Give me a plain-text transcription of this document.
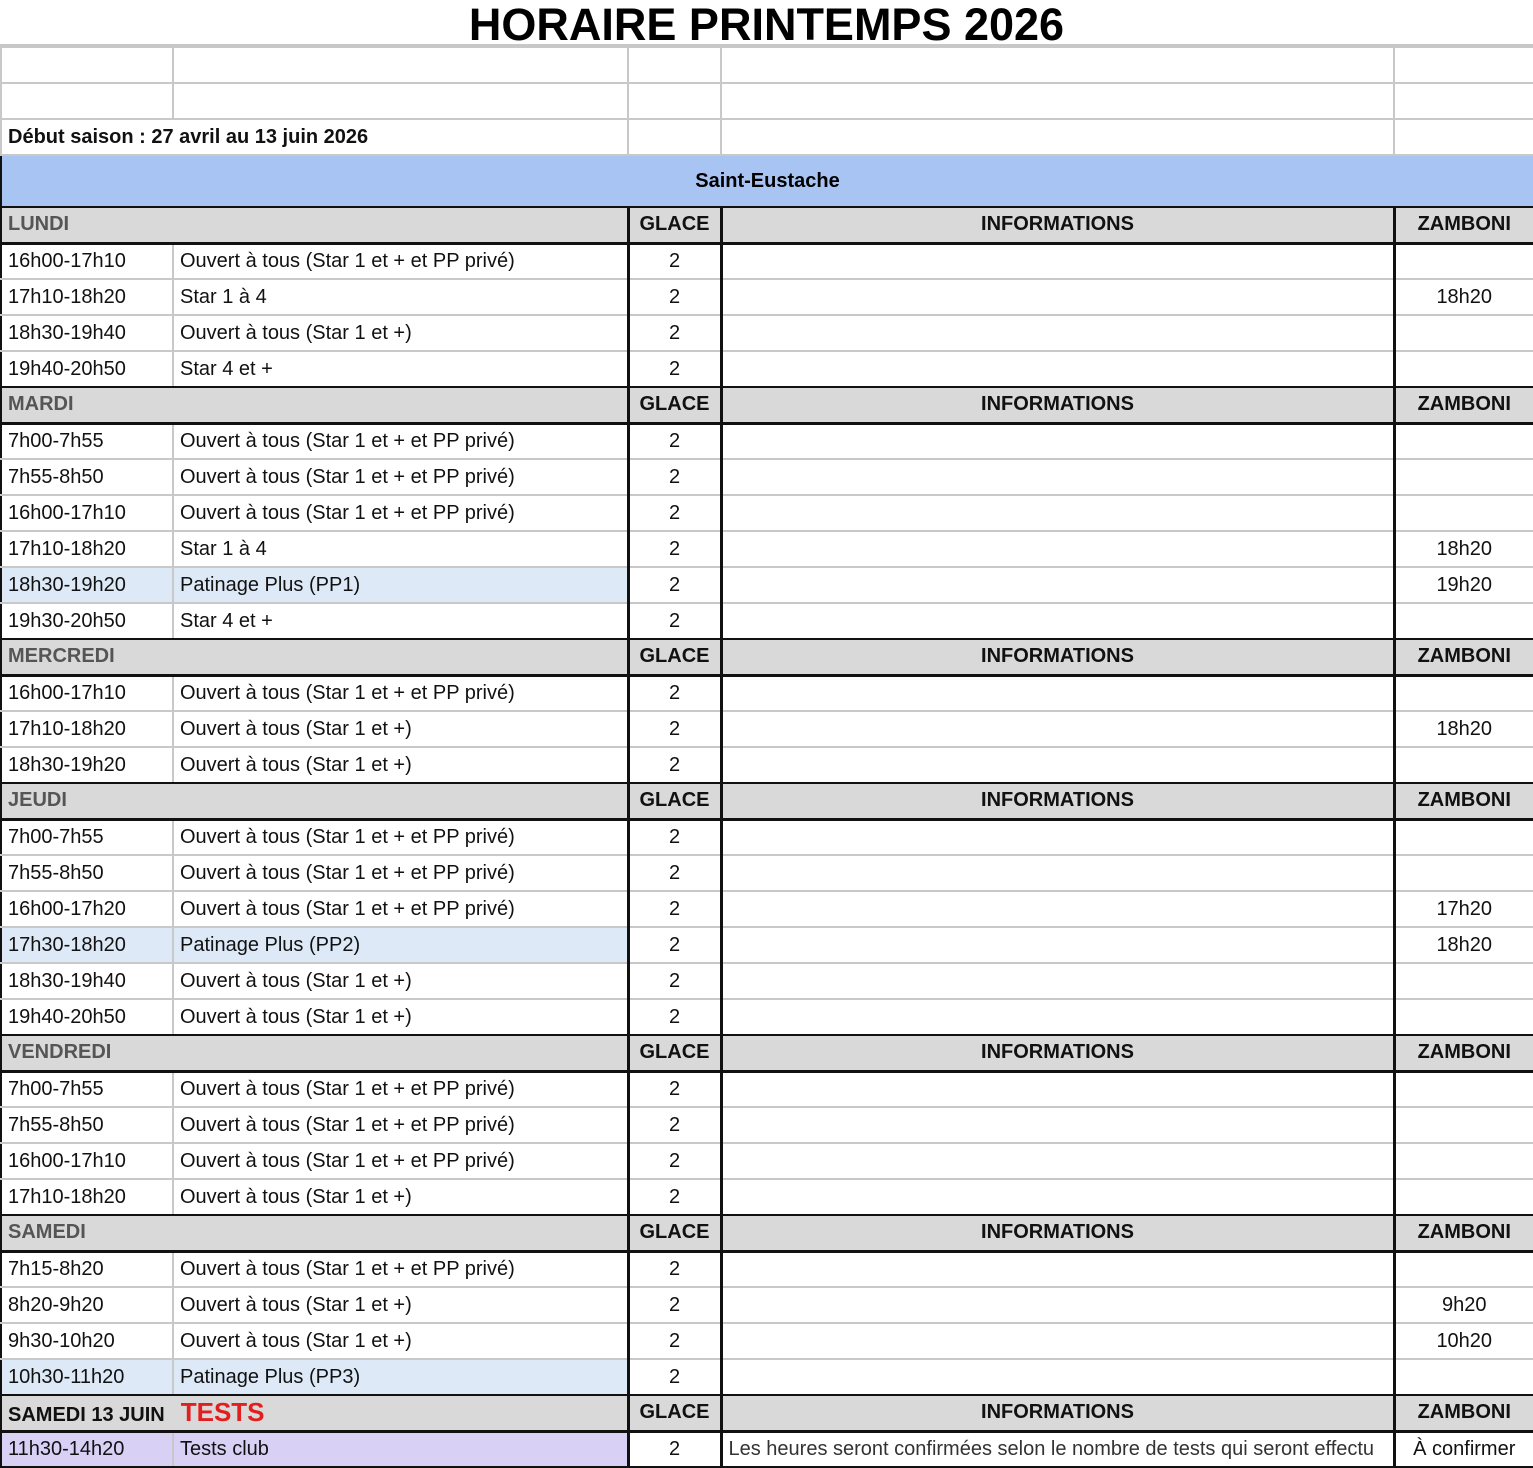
HORAIRE PRINTEMPS 2026

Début saison : 27 avril au 13 juin 2026				
Saint-Eustache				
LUNDI		GLACE	INFORMATIONS	ZAMBONI
16h00-17h10	Ouvert à tous (Star 1 et + et PP privé)	2		
17h10-18h20	Star 1 à 4	2		18h20
18h30-19h40	Ouvert à tous (Star 1 et +)	2		
19h40-20h50	Star 4 et +	2		
MARDI		GLACE	INFORMATIONS	ZAMBONI
7h00-7h55	Ouvert à tous (Star 1 et + et PP privé)	2		
7h55-8h50	Ouvert à tous (Star 1 et + et PP privé)	2		
16h00-17h10	Ouvert à tous (Star 1 et + et PP privé)	2		
17h10-18h20	Star 1 à 4	2		18h20
18h30-19h20	Patinage Plus (PP1)	2		19h20
19h30-20h50	Star 4 et +	2		
MERCREDI		GLACE	INFORMATIONS	ZAMBONI
16h00-17h10	Ouvert à tous (Star 1 et + et PP privé)	2		
17h10-18h20	Ouvert à tous (Star 1 et +)	2		18h20
18h30-19h20	Ouvert à tous (Star 1 et +)	2		
JEUDI		GLACE	INFORMATIONS	ZAMBONI
7h00-7h55	Ouvert à tous (Star 1 et + et PP privé)	2		
7h55-8h50	Ouvert à tous (Star 1 et + et PP privé)	2		
16h00-17h20	Ouvert à tous (Star 1 et + et PP privé)	2		17h20
17h30-18h20	Patinage Plus (PP2)	2		18h20
18h30-19h40	Ouvert à tous (Star 1 et +)	2		
19h40-20h50	Ouvert à tous (Star 1 et +)	2		
VENDREDI		GLACE	INFORMATIONS	ZAMBONI
7h00-7h55	Ouvert à tous (Star 1 et + et PP privé)	2		
7h55-8h50	Ouvert à tous (Star 1 et + et PP privé)	2		
16h00-17h10	Ouvert à tous (Star 1 et + et PP privé)	2		
17h10-18h20	Ouvert à tous (Star 1 et +)	2		
SAMEDI		GLACE	INFORMATIONS	ZAMBONI
7h15-8h20	Ouvert à tous (Star 1 et + et PP privé)	2		
8h20-9h20	Ouvert à tous (Star 1 et +)	2		9h20
9h30-10h20	Ouvert à tous (Star 1 et +)	2		10h20
10h30-11h20	Patinage Plus (PP3)	2		
SAMEDI 13 JUIN TESTS		GLACE	INFORMATIONS	ZAMBONI
11h30-14h20	Tests club	2	Les heures seront confirmées selon le nombre de tests qui seront effectu	À confirmer
